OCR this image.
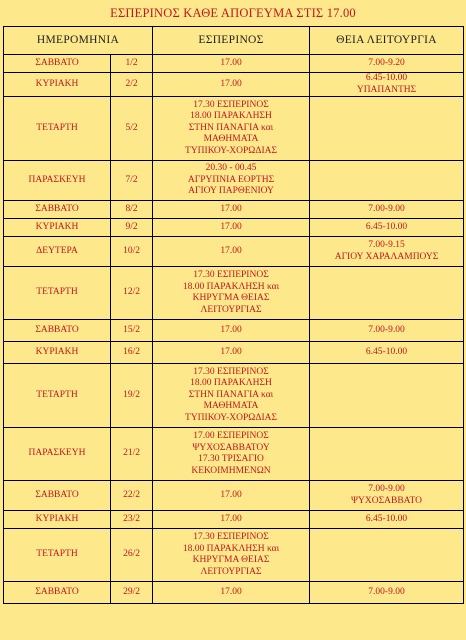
ΕΣΠΕΡΙΝΟΣ ΚΑΘΕ ΑΠΟΓΕΥΜΑ ΣΤΙΣ 17.00
ΗΜΕΡΟΜΗΝΙΑ		ΕΣΠΕΡΙΝΟΣ	ΘΕΙΑ ΛΕΙΤΟΥΡΓΙΑ
ΣΑΒΒΑΤΟ	1/2	17.00	7.00-9.20

ΚΥΡΙΑΚΗ	2/2	17.00	6.45-10.00
ΥΠΑΠΑΝΤΗΣ

ΤΕΤΑΡΤΗ	5/2	17.30 ΕΣΠΕΡΙΝΟΣ
18.00 ΠΑΡΑΚΛΗΣΗ
ΣΤΗΝ ΠΑΝΑΓΙΑ και
ΜΑΘΗΜΑΤΑ
ΤΥΠΙΚΟΥ-ΧΟΡΩΔΙΑΣ	

ΠΑΡΑΣΚΕΥΗ	7/2	20.30 - 00.45
ΑΓΡΥΠΝΙΑ ΕΟΡΤΗΣ
ΑΓΙΟΥ ΠΑΡΘΕΝΙΟΥ	

ΣΑΒΒΑΤΟ	8/2	17.00	7.00-9.00

ΚΥΡΙΑΚΗ	9/2	17.00	6.45-10.00

ΔΕΥΤΕΡΑ	10/2	17.00	7.00-9.15
ΑΓΙΟΥ ΧΑΡΑΛΑΜΠΟΥΣ

ΤΕΤΑΡΤΗ	12/2	17.30 ΕΣΠΕΡΙΝΟΣ
18.00 ΠΑΡΑΚΛΗΣΗ και
ΚΗΡΥΓΜΑ ΘΕΙΑΣ
ΛΕΙΤΟΥΡΓΙΑΣ	

ΣΑΒΒΑΤΟ	15/2	17.00	7.00-9.00

ΚΥΡΙΑΚΗ	16/2	17.00	6.45-10.00

ΤΕΤΑΡΤΗ	19/2	17.30 ΕΣΠΕΡΙΝΟΣ
18.00 ΠΑΡΑΚΛΗΣΗ
ΣΤΗΝ ΠΑΝΑΓΙΑ και
ΜΑΘΗΜΑΤΑ
ΤΥΠΙΚΟΥ-ΧΟΡΩΔΙΑΣ	

ΠΑΡΑΣΚΕΥΗ	21/2	17.00 ΕΣΠΕΡΙΝΟΣ
ΨΥΧΟΣΑΒΒΑΤΟΥ
17.30 ΤΡΙΣΑΓΙΟ
ΚΕΚΟΙΜΗΜΕΝΩΝ	

ΣΑΒΒΑΤΟ	22/2	17.00	7.00-9.00
ΨΥΧΟΣΑΒΒΑΤΟ

ΚΥΡΙΑΚΗ	23/2	17.00	6.45-10.00

ΤΕΤΑΡΤΗ	26/2	17.30 ΕΣΠΕΡΙΝΟΣ
18.00 ΠΑΡΑΚΛΗΣΗ και
ΚΗΡΥΓΜΑ ΘΕΙΑΣ
ΛΕΙΤΟΥΡΓΙΑΣ	

ΣΑΒΒΑΤΟ	29/2	17.00	7.00-9.00
